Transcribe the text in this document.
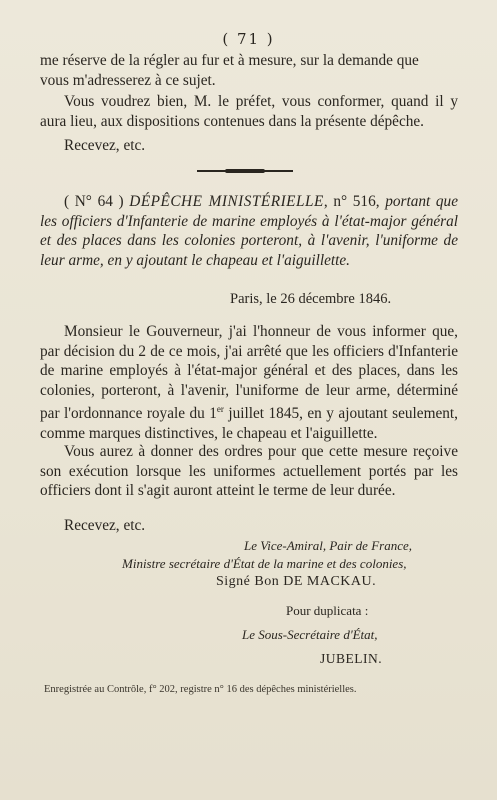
( 71 )
me réserve de la régler au fur et à mesure, sur la demande que
vous m'adresserez à ce sujet.
Vous voudrez bien, M. le préfet, vous conformer, quand il y aura lieu, aux dispositions contenues dans la présente dépêche.
Recevez, etc.
( N° 64 ) DÉPÊCHE MINISTÉRIELLE, n° 516, portant que les officiers d'Infanterie de marine employés à l'état-major général et des places dans les colonies porteront, à l'avenir, l'uniforme de leur arme, en y ajoutant le chapeau et l'aiguillette.
Paris, le 26 décembre 1846.
Monsieur le Gouverneur, j'ai l'honneur de vous informer que, par décision du 2 de ce mois, j'ai arrêté que les officiers d'Infanterie de marine employés à l'état-major général et des places, dans les colonies, porteront, à l'avenir, l'uniforme de leur arme, déterminé par l'ordonnance royale du 1er juillet 1845, en y ajoutant seulement, comme marques distinctives, le chapeau et l'aiguillette.
Vous aurez à donner des ordres pour que cette mesure reçoive son exécution lorsque les uniformes actuellement portés par les officiers dont il s'agit auront atteint le terme de leur durée.
Recevez, etc.
Le Vice-Amiral, Pair de France,
Ministre secrétaire d'État de la marine et des colonies,
Signé Bon DE MACKAU.
Pour duplicata :
Le Sous-Secrétaire d'État,
JUBELIN.
Enregistrée au Contrôle, f° 202, registre n° 16 des dépêches ministérielles.
